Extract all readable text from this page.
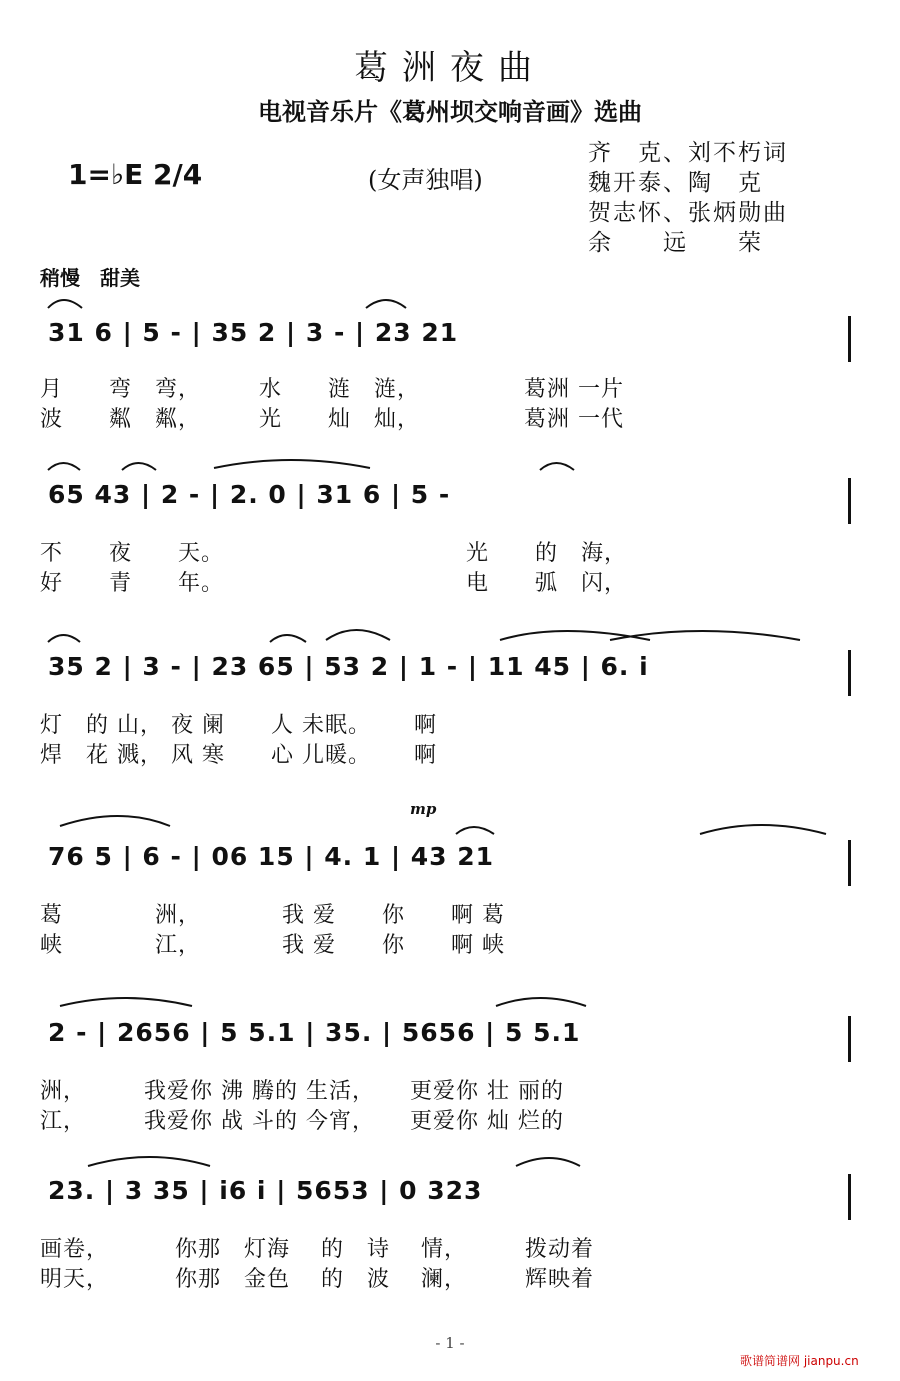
葛洲夜曲
电视音乐片《葛州坝交响音画》选曲
1=♭E 2/4	(女声独唱)
齐　克、刘不朽词
魏开泰、陶　克
贺志怀、张炳勋曲
余　　远　　荣
稍慢　甜美
31 6 | 5 - | 35 2 | 3 - | 23 21
月　　弯　弯，　　　水　　涟　涟，　　　　　葛洲 一片
波　　粼　粼，　　　光　　灿　灿，　　　　　葛洲 一代
65 43 | 2 - | 2. 0 | 31 6 | 5 -
不　　夜　　天。　　　　　　　　　　　光　　的　海，
好　　青　　年。　　　　　　　　　　　电　　弧　闪，
35 2 | 3 - | 23 65 | 53 2 | 1 - | 11 45 | 6. i
灯　的 山， 夜 阑　　人 未眠。　　 啊
焊　花 溅， 风 寒　　心 儿暖。　　 啊
mp
76 5 | 6 - | 06 15 | 4. 1 | 43 21
葛　　　　洲，　　　　我 爱　　你　　啊 葛
峡　　　　江，　　　　我 爱　　你　　啊 峡
2 - | 2656 | 5 5.1 | 35. | 5656 | 5 5.1
洲，　　　我爱你 沸 腾的 生活，　　更爱你 壮 丽的
江，　　　我爱你 战 斗的 今宵，　　更爱你 灿 烂的
23. | 3 35 | i6 i | 5653 | 0 323
画卷，　　　 你那　灯海　 的　诗　 情，　　　拨动着
明天，　　　 你那　金色　 的　波　 澜，　　　辉映着
- 1 -
歌谱简谱网 jianpu.cn
